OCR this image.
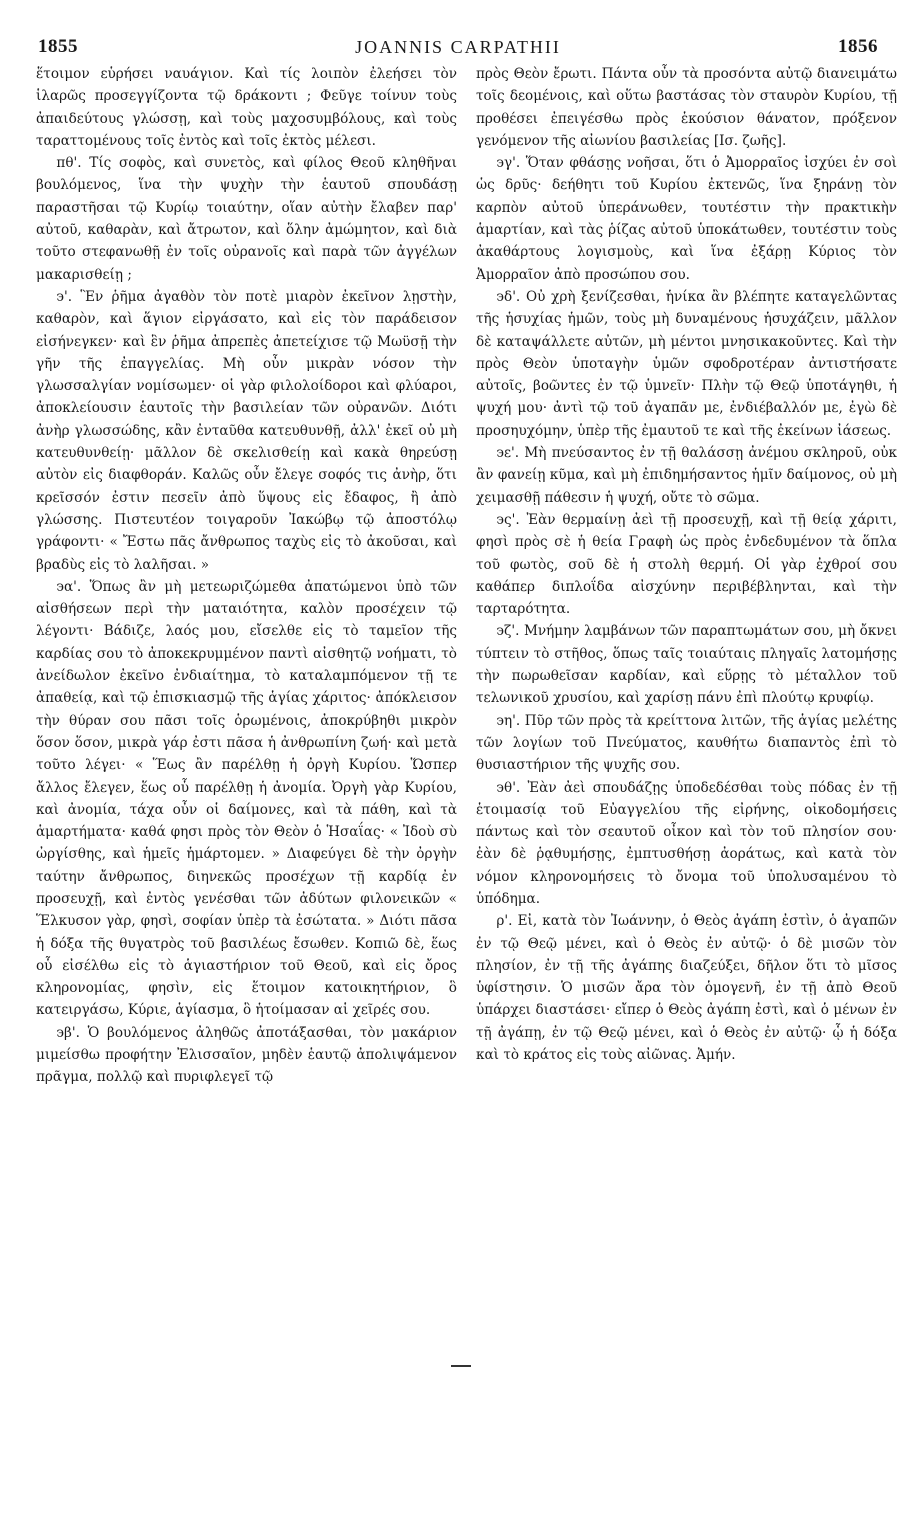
1855	JOANNIS CARPATHII	1856

ἕτοιμον εὑρήσει ναυάγιον. Καὶ τίς λοιπὸν ἐλεήσει τὸν ἱλαρῶς προσεγγίζοντα τῷ δράκοντι ; Φεῦγε τοίνυν τοὺς ἀπαιδεύτους γλώσσῃ, καὶ τοὺς μαχοσυμβόλους, καὶ τοὺς ταραττομένους τοῖς ἐντὸς καὶ τοῖς ἐκτὸς μέλεσι.

πθ'. Τίς σοφὸς, καὶ συνετὸς, καὶ φίλος Θεοῦ κληθῆναι βουλόμενος, ἵνα τὴν ψυχὴν τὴν ἑαυτοῦ σπουδάσῃ παραστῆσαι τῷ Κυρίῳ τοιαύτην, οἵαν αὐτὴν ἔλαβεν παρ' αὐτοῦ, καθαρὰν, καὶ ἄτρωτον, καὶ ὅλην ἀμώμητον, καὶ διὰ τοῦτο στεφανωθῇ ἐν τοῖς οὐρανοῖς καὶ παρὰ τῶν ἀγγέλων μακαρισθείῃ ;

϶'. Ἓν ῥῆμα ἀγαθὸν τὸν ποτὲ μιαρὸν ἐκεῖνον λῃστὴν, καθαρὸν, καὶ ἅγιον εἰργάσατο, καὶ εἰς τὸν παράδεισον εἰσήνεγκεν· καὶ ἓν ῥῆμα ἀπρεπὲς ἀπετείχισε τῷ Μωϋσῇ τὴν γῆν τῆς ἐπαγγελίας. Μὴ οὖν μικρὰν νόσον τὴν γλωσσαλγίαν νομίσωμεν· οἱ γὰρ φιλολοίδοροι καὶ φλύαροι, ἀποκλείουσιν ἑαυτοῖς τὴν βασιλείαν τῶν οὐρανῶν. Διότι ἀνὴρ γλωσσώδης, κἂν ἐνταῦθα κατευθυνθῇ, ἀλλ' ἐκεῖ οὐ μὴ κατευθυνθείῃ· μᾶλλον δὲ σκελισθείῃ καὶ κακὰ θηρεύσῃ αὐτὸν εἰς διαφθοράν. Καλῶς οὖν ἔλεγε σοφός τις ἀνὴρ, ὅτι κρεῖσσόν ἐστιν πεσεῖν ἀπὸ ὕψους εἰς ἔδαφος, ἢ ἀπὸ γλώσσης. Πιστευτέον τοιγαροῦν Ἰακώβῳ τῷ ἀποστόλῳ γράφοντι· « Ἔστω πᾶς ἄνθρωπος ταχὺς εἰς τὸ ἀκοῦσαι, καὶ βραδὺς εἰς τὸ λαλῆσαι. »

϶α'. Ὅπως ἂν μὴ μετεωριζώμεθα ἀπατώμενοι ὑπὸ τῶν αἰσθήσεων περὶ τὴν ματαιότητα, καλὸν προσέχειν τῷ λέγοντι· Βάδιζε, λαός μου, εἴσελθε εἰς τὸ ταμεῖον τῆς καρδίας σου τὸ ἀποκεκρυμμένον παντὶ αἰσθητῷ νοήματι, τὸ ἀνείδωλον ἐκεῖνο ἐνδιαίτημα, τὸ καταλαμπόμενον τῇ τε ἀπαθείᾳ, καὶ τῷ ἐπισκιασμῷ τῆς ἁγίας χάριτος· ἀπόκλεισον τὴν θύραν σου πᾶσι τοῖς ὁρωμένοις, ἀποκρύβηθι μικρὸν ὅσον ὅσον, μικρὰ γάρ ἐστι πᾶσα ἡ ἀνθρωπίνη ζωή· καὶ μετὰ τοῦτο λέγει· « Ἕως ἂν παρέλθῃ ἡ ὀργὴ Κυρίου. Ὥσπερ ἄλλος ἔλεγεν, ἕως οὗ παρέλθῃ ἡ ἀνομία. Ὀργὴ γὰρ Κυρίου, καὶ ἀνομία, τάχα οὖν οἱ δαίμονες, καὶ τὰ πάθη, καὶ τὰ ἁμαρτήματα· καθά φησι πρὸς τὸν Θεὸν ὁ Ἡσαΐας· « Ἰδοὺ σὺ ὠργίσθης, καὶ ἡμεῖς ἡμάρτομεν. » Διαφεύγει δὲ τὴν ὀργὴν ταύτην ἄνθρωπος, διηνεκῶς προσέχων τῇ καρδίᾳ ἐν προσευχῇ, καὶ ἐντὸς γενέσθαι τῶν ἀδύτων φιλονεικῶν « Ἕλκυσον γὰρ, φησὶ, σοφίαν ὑπὲρ τὰ ἐσώτατα. » Διότι πᾶσα ἡ δόξα τῆς θυγατρὸς τοῦ βασιλέως ἔσωθεν. Κοπιῶ δὲ, ἕως οὗ εἰσέλθω εἰς τὸ ἁγιαστήριον τοῦ Θεοῦ, καὶ εἰς ὄρος κληρονομίας, φησὶν, εἰς ἕτοιμον κατοικητήριον, ὃ κατειργάσω, Κύριε, ἁγίασμα, ὃ ἡτοίμασαν αἱ χεῖρές σου.

϶β'. Ὁ βουλόμενος ἀληθῶς ἀποτάξασθαι, τὸν μακάριον μιμείσθω προφήτην Ἐλισσαῖον, μηδὲν ἑαυτῷ ἀπολιψάμενον πρᾶγμα, πολλῷ καὶ πυριφλεγεῖ τῷ

πρὸς Θεὸν ἔρωτι. Πάντα οὖν τὰ προσόντα αὐτῷ διανειμάτω τοῖς δεομένοις, καὶ οὕτω βαστάσας τὸν σταυρὸν Κυρίου, τῇ προθέσει ἐπειγέσθω πρὸς ἑκούσιον θάνατον, πρόξενον γενόμενον τῆς αἰωνίου βασιλείας [Ισ. ζωῆς].

϶γ'. Ὅταν φθάσῃς νοῆσαι, ὅτι ὁ Ἀμορραῖος ἰσχύει ἐν σοὶ ὡς δρῦς· δεήθητι τοῦ Κυρίου ἐκτενῶς, ἵνα ξηράνῃ τὸν καρπὸν αὐτοῦ ὑπεράνωθεν, τουτέστιν τὴν πρακτικὴν ἁμαρτίαν, καὶ τὰς ῥίζας αὐτοῦ ὑποκάτωθεν, τουτέστιν τοὺς ἀκαθάρτους λογισμοὺς, καὶ ἵνα ἐξάρῃ Κύριος τὸν Ἀμορραῖον ἀπὸ προσώπου σου.

϶δ'. Οὐ χρὴ ξενίζεσθαι, ἡνίκα ἂν βλέπητε καταγελῶντας τῆς ἡσυχίας ἡμῶν, τοὺς μὴ δυναμένους ἡσυχάζειν, μᾶλλον δὲ καταψάλλετε αὐτῶν, μὴ μέντοι μνησικακοῦντες. Καὶ τὴν πρὸς Θεὸν ὑποταγὴν ὑμῶν σφοδροτέραν ἀντιστήσατε αὐτοῖς, βοῶντες ἐν τῷ ὑμνεῖν· Πλὴν τῷ Θεῷ ὑποτάγηθι, ἡ ψυχή μου· ἀντὶ τῷ τοῦ ἀγαπᾶν με, ἐνδιέβαλλόν με, ἐγὼ δὲ προσηυχόμην, ὑπὲρ τῆς ἐμαυτοῦ τε καὶ τῆς ἐκείνων ἰάσεως.

϶ε'. Μὴ πνεύσαντος ἐν τῇ θαλάσσῃ ἀνέμου σκληροῦ, οὐκ ἂν φανείῃ κῦμα, καὶ μὴ ἐπιδημήσαντος ἡμῖν δαίμονος, οὐ μὴ χειμασθῇ πάθεσιν ἡ ψυχή, οὔτε τὸ σῶμα.

϶ς'. Ἐὰν θερμαίνῃ ἀεὶ τῇ προσευχῇ, καὶ τῇ θείᾳ χάριτι, φησὶ πρὸς σὲ ἡ θεία Γραφὴ ὡς πρὸς ἐνδεδυμένον τὰ ὅπλα τοῦ φωτὸς, σοῦ δὲ ἡ στολὴ θερμή. Οἱ γὰρ ἐχθροί σου καθάπερ διπλοΐδα αἰσχύνην περιβέβληνται, καὶ τὴν ταρταρότητα.

϶ζ'. Μνήμην λαμβάνων τῶν παραπτωμάτων σου, μὴ ὄκνει τύπτειν τὸ στῆθος, ὅπως ταῖς τοιαύταις πληγαῖς λατομήσῃς τὴν πωρωθεῖσαν καρδίαν, καὶ εὕρῃς τὸ μέταλλον τοῦ τελωνικοῦ χρυσίου, καὶ χαρίσῃ πάνυ ἐπὶ πλούτῳ κρυφίῳ.

϶η'. Πῦρ τῶν πρὸς τὰ κρείττονα λιτῶν, τῆς ἁγίας μελέτης τῶν λογίων τοῦ Πνεύματος, καυθήτω διαπαντὸς ἐπὶ τὸ θυσιαστήριον τῆς ψυχῆς σου.

϶θ'. Ἐὰν ἀεὶ σπουδάζῃς ὑποδεδέσθαι τοὺς πόδας ἐν τῇ ἑτοιμασίᾳ τοῦ Εὐαγγελίου τῆς εἰρήνης, οἰκοδομήσεις πάντως καὶ τὸν σεαυτοῦ οἶκον καὶ τὸν τοῦ πλησίον σου· ἐὰν δὲ ῥᾳθυμήσῃς, ἐμπτυσθήσῃ ἀοράτως, καὶ κατὰ τὸν νόμον κληρονομήσεις τὸ ὄνομα τοῦ ὑπολυσαμένου τὸ ὑπόδημα.

ρ'. Εἰ, κατὰ τὸν Ἰωάννην, ὁ Θεὸς ἀγάπη ἐστὶν, ὁ ἀγαπῶν ἐν τῷ Θεῷ μένει, καὶ ὁ Θεὸς ἐν αὐτῷ· ὁ δὲ μισῶν τὸν πλησίον, ἐν τῇ τῆς ἀγάπης διαζεύξει, δῆλον ὅτι τὸ μῖσος ὑφίστησιν. Ὁ μισῶν ἄρα τὸν ὁμογενῆ, ἐν τῇ ἀπὸ Θεοῦ ὑπάρχει διαστάσει· εἴπερ ὁ Θεὸς ἀγάπη ἐστὶ, καὶ ὁ μένων ἐν τῇ ἀγάπῃ, ἐν τῷ Θεῷ μένει, καὶ ὁ Θεὸς ἐν αὐτῷ· ᾧ ἡ δόξα καὶ τὸ κράτος εἰς τοὺς αἰῶνας. Ἀμήν.
